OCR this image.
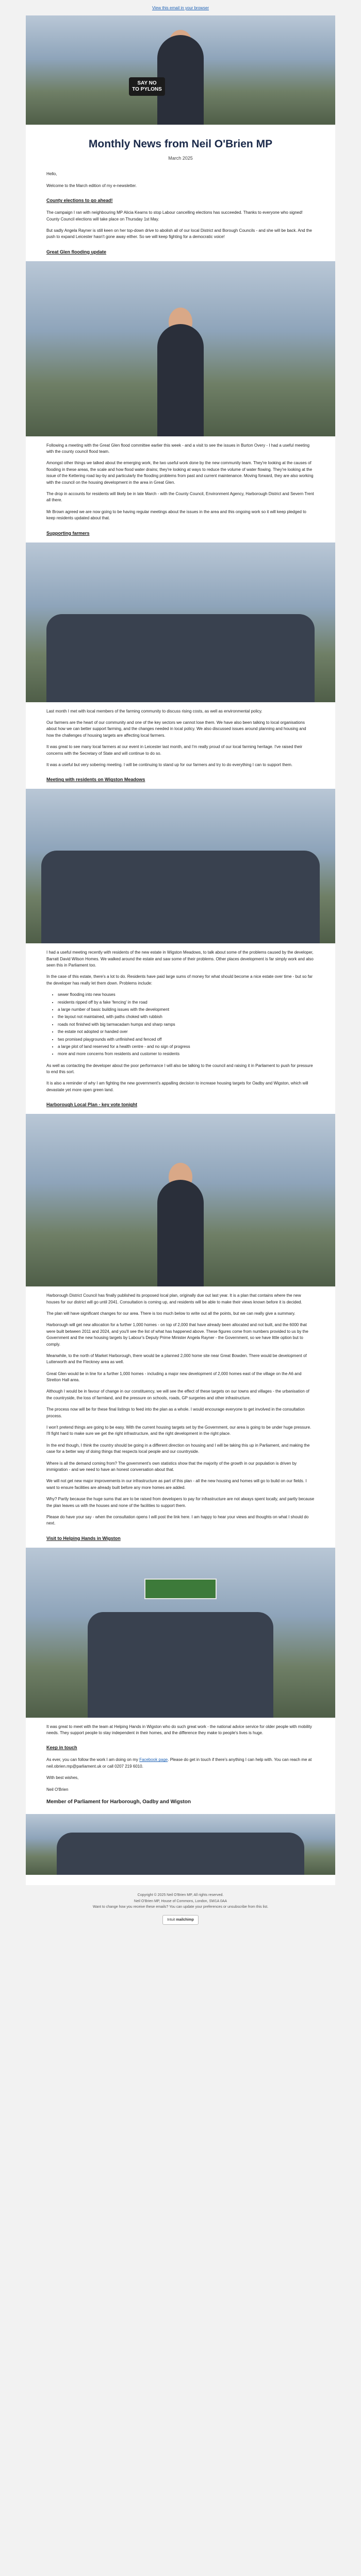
View this email in your browser
SAY NO
TO PYLONS
Monthly News from Neil O'Brien MP
March 2025

Hello,

Welcome to the March edition of my e-newsletter.

County elections to go ahead!

The campaign I ran with neighbouring MP Alicia Kearns to stop Labour cancelling elections has succeeded. Thanks to everyone who signed! County Council elections will take place on Thursday 1st May.

But sadly Angela Rayner is still keen on her top-down drive to abolish all of our local District and Borough Councils - and she will be back. And the push to expand Leicester hasn't gone away either. So we will keep fighting for a democratic voice!

Great Glen flooding update

Following a meeting with the Great Glen flood committee earlier this week - and a visit to see the issues in Burton Overy - I had a useful meeting with the county council flood team.

Amongst other things we talked about the emerging work, the two useful work done by the new community team. They're looking at the causes of flooding in these areas, the scale and how flood water drains; they're looking at ways to reduce the volume of water flowing. They're looking at the issue of the Kettering road lay-by and particularly the flooding problems from past and current maintenance. Moving forward, they are also working with the council on the housing development in the area in Great Glen.

The drop in accounts for residents will likely be in late March - with the County Council, Environment Agency, Harborough District and Severn Trent all there.

Mr Brown agreed we are now going to be having regular meetings about the issues in the area and this ongoing work so it will keep pledged to keep residents updated about that.

Supporting farmers

Last month I met with local members of the farming community to discuss rising costs, as well as environmental policy.

Our farmers are the heart of our community and one of the key sectors we cannot lose them. We have also been talking to local organisations about how we can better support farming, and the changes needed in local policy. We also discussed issues around planning and housing and how the challenges of housing targets are affecting local farmers.

It was great to see many local farmers at our event in Leicester last month, and I'm really proud of our local farming heritage. I've raised their concerns with the Secretary of State and will continue to do so.

It was a useful but very sobering meeting. I will be continuing to stand up for our farmers and try to do everything I can to support them.

Meeting with residents on Wigston Meadows

I had a useful meeting recently with residents of the new estate in Wigston Meadows, to talk about some of the problems caused by the developer, Barratt David Wilson Homes. We walked around the estate and saw some of their problems. Other places development is far simply work and also seen this in Parliament too.

In the case of this estate, there's a lot to do. Residents have paid large sums of money for what should become a nice estate over time - but so far the developer has really let them down. Problems include:

• sewer flooding into new houses
• residents ripped off by a fake 'fencing' in the road
• a large number of basic building issues with the development
• the layout not maintained, with paths choked with rubbish
• roads not finished with big tarmacadam humps and sharp ramps
• the estate not adopted or handed over
• two promised playgrounds with unfinished and fenced off
• a large plot of land reserved for a health centre - and no sign of progress
• more and more concerns from residents and customer to residents

As well as contacting the developer about the poor performance I will also be talking to the council and raising it in Parliament to push for pressure to end this sort.

It is also a reminder of why I am fighting the new government's appalling decision to increase housing targets for Oadby and Wigston, which will devastate yet more open green land.

Harborough Local Plan - key vote tonight

Harborough District Council has finally published its proposed local plan, originally due out last year. It is a plan that contains where the new houses for our district will go until 2041. Consultation is coming up, and residents will be able to make their views known before it is decided.

The plan will have significant changes for our area. There is too much below to write out all the points, but we can really give a summary.

Harborough will get new allocation for a further 1,000 homes - on top of 2,000 that have already been allocated and not built, and the 6000 that were built between 2011 and 2024, and you'll see the list of what has happened above. These figures come from numbers provided to us by the Government and the new housing targets by Labour's Deputy Prime Minister Angela Rayner - the Government, so we have little option but to comply.

Meanwhile, to the north of Market Harborough, there would be a planned 2,000 home site near Great Bowden. There would be development of Lutterworth and the Fleckney area as well.

Great Glen would be in line for a further 1,000 homes - including a major new development of 2,000 homes east of the village on the A6 and Stretton Hall area.

Although I would be in favour of change in our constituency, we will see the effect of these targets on our towns and villages - the urbanisation of the countryside, the loss of farmland, and the pressure on schools, roads, GP surgeries and other infrastructure.

The process now will be for these final listings to feed into the plan as a whole. I would encourage everyone to get involved in the consultation process.

I won't pretend things are going to be easy. With the current housing targets set by the Government, our area is going to be under huge pressure. I'll fight hard to make sure we get the right infrastructure, and the right development in the right place.

In the end though, I think the country should be going in a different direction on housing and I will be taking this up in Parliament, and making the case for a better way of doing things that respects local people and our countryside.

Where is all the demand coming from? The government's own statistics show that the majority of the growth in our population is driven by immigration - and we need to have an honest conversation about that.

We will not get new major improvements in our infrastructure as part of this plan - all the new housing and homes will go to build on our fields. I want to ensure facilities are already built before any more homes are added.

Why? Partly because the huge sums that are to be raised from developers to pay for infrastructure are not always spent locally, and partly because the plan leaves us with the houses and none of the facilities to support them.

Please do have your say - when the consultation opens I will post the link here. I am happy to hear your views and thoughts on what I should do next.

Visit to Helping Hands in Wigston

It was great to meet with the team at Helping Hands in Wigston who do such great work - the national advice service for older people with mobility needs. They support people to stay independent in their homes, and the difference they make to people's lives is huge.

Keep in touch

As ever, you can follow the work I am doing on my Facebook page. Please do get in touch if there's anything I can help with. You can reach me at neil.obrien.mp@parliament.uk or call 0207 219 6010.

With best wishes,

Neil O'Brien

Member of Parliament for Harborough, Oadby and Wigston
Copyright © 2025 Neil O'Brien MP, All rights reserved.
Neil O'Brien MP, House of Commons, London, SW1A 0AA
Want to change how you receive these emails? You can update your preferences or unsubscribe from this list.
Intuit mailchimp
